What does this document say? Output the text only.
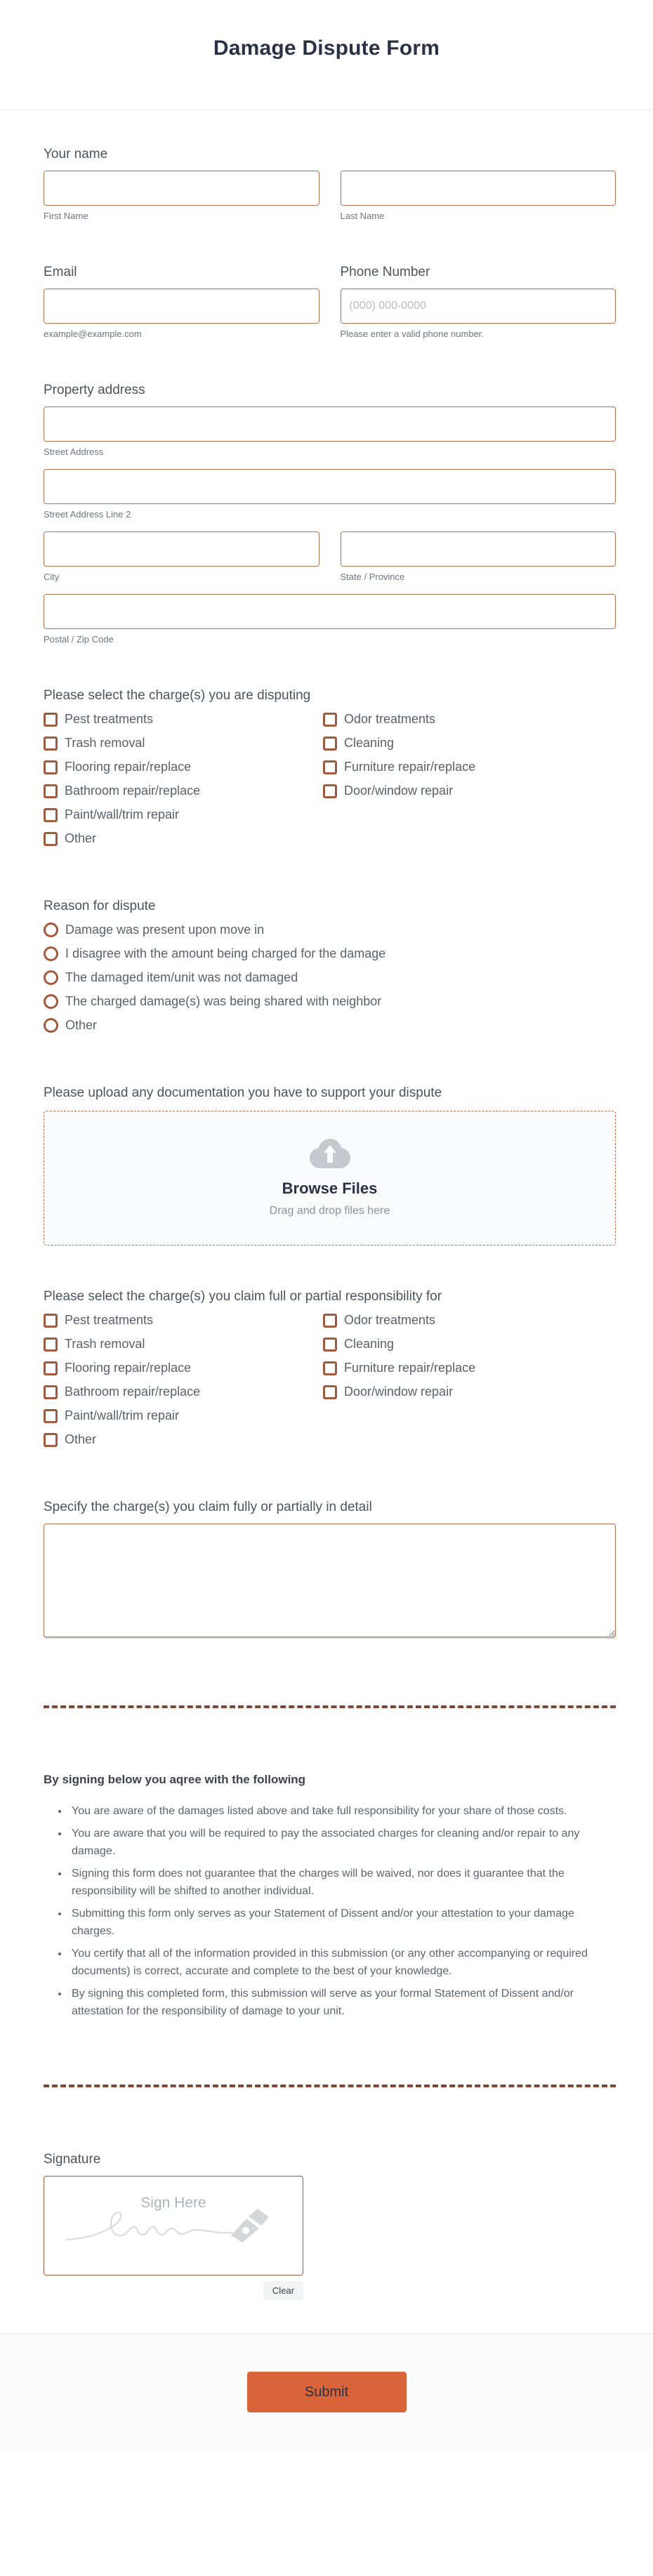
Damage Dispute Form
Your name
First Name	Last Name
Email
example@example.com
Phone Number
(000) 000-0000
Please enter a valid phone number.
Property address
Street Address
Street Address Line 2
City	State / Province
Postal / Zip Code
Please select the charge(s) you are disputing
Pest treatments
Trash removal
Flooring repair/replace
Bathroom repair/replace
Paint/wall/trim repair
Other
Odor treatments
Cleaning
Furniture repair/replace
Door/window repair
Reason for dispute
Damage was present upon move in
I disagree with the amount being charged for the damage
The damaged item/unit was not damaged
The charged damage(s) was being shared with neighbor
Other
Please upload any documentation you have to support your dispute
Browse Files
Drag and drop files here
Please select the charge(s) you claim full or partial responsibility for
Pest treatments
Trash removal
Flooring repair/replace
Bathroom repair/replace
Paint/wall/trim repair
Other
Odor treatments
Cleaning
Furniture repair/replace
Door/window repair
Specify the charge(s) you claim fully or partially in detail
By signing below you aqree with the following
• You are aware of the damages listed above and take full responsibility for your share of those costs.
• You are aware that you will be required to pay the associated charges for cleaning and/or repair to any damage.
• Signing this form does not guarantee that the charges will be waived, nor does it guarantee that the responsibility will be shifted to another individual.
• Submitting this form only serves as your Statement of Dissent and/or your attestation to your damage charges.
• You certify that all of the information provided in this submission (or any other accompanying or required documents) is correct, accurate and complete to the best of your knowledge.
• By signing this completed form, this submission will serve as your formal Statement of Dissent and/or attestation for the responsibility of damage to your unit.
Signature
Sign Here
Clear
Submit
